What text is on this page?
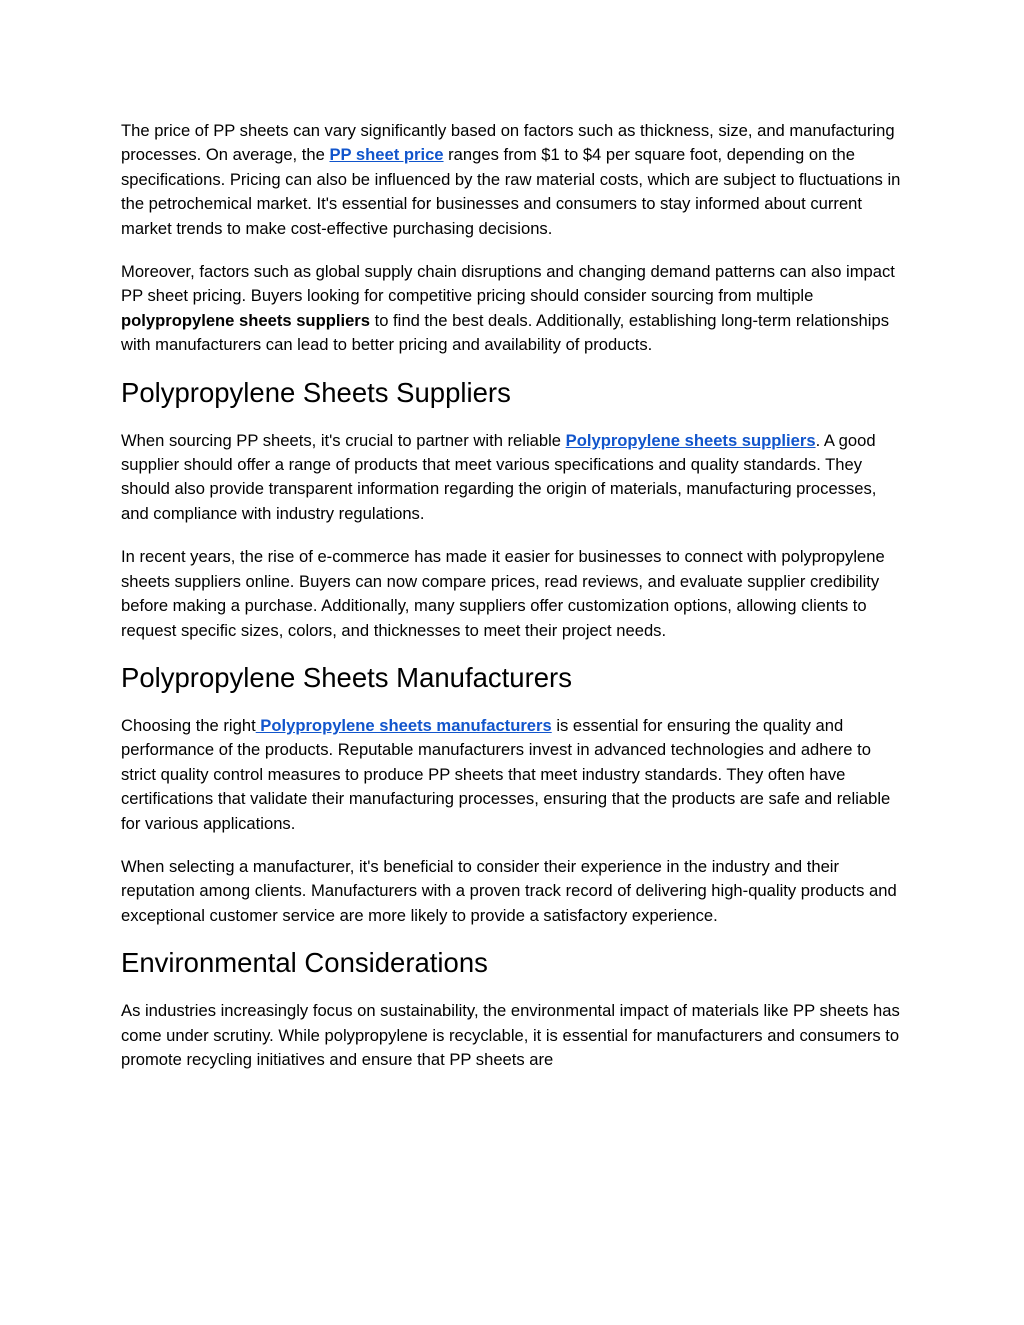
The price of PP sheets can vary significantly based on factors such as thickness, size, and manufacturing processes. On average, the PP sheet price ranges from $1 to $4 per square foot, depending on the specifications. Pricing can also be influenced by the raw material costs, which are subject to fluctuations in the petrochemical market. It's essential for businesses and consumers to stay informed about current market trends to make cost-effective purchasing decisions.

Moreover, factors such as global supply chain disruptions and changing demand patterns can also impact PP sheet pricing. Buyers looking for competitive pricing should consider sourcing from multiple polypropylene sheets suppliers to find the best deals. Additionally, establishing long-term relationships with manufacturers can lead to better pricing and availability of products.

Polypropylene Sheets Suppliers

When sourcing PP sheets, it's crucial to partner with reliable Polypropylene sheets suppliers. A good supplier should offer a range of products that meet various specifications and quality standards. They should also provide transparent information regarding the origin of materials, manufacturing processes, and compliance with industry regulations.

In recent years, the rise of e-commerce has made it easier for businesses to connect with polypropylene sheets suppliers online. Buyers can now compare prices, read reviews, and evaluate supplier credibility before making a purchase. Additionally, many suppliers offer customization options, allowing clients to request specific sizes, colors, and thicknesses to meet their project needs.

Polypropylene Sheets Manufacturers

Choosing the right Polypropylene sheets manufacturers is essential for ensuring the quality and performance of the products. Reputable manufacturers invest in advanced technologies and adhere to strict quality control measures to produce PP sheets that meet industry standards. They often have certifications that validate their manufacturing processes, ensuring that the products are safe and reliable for various applications.

When selecting a manufacturer, it's beneficial to consider their experience in the industry and their reputation among clients. Manufacturers with a proven track record of delivering high-quality products and exceptional customer service are more likely to provide a satisfactory experience.

Environmental Considerations

As industries increasingly focus on sustainability, the environmental impact of materials like PP sheets has come under scrutiny. While polypropylene is recyclable, it is essential for manufacturers and consumers to promote recycling initiatives and ensure that PP sheets are
